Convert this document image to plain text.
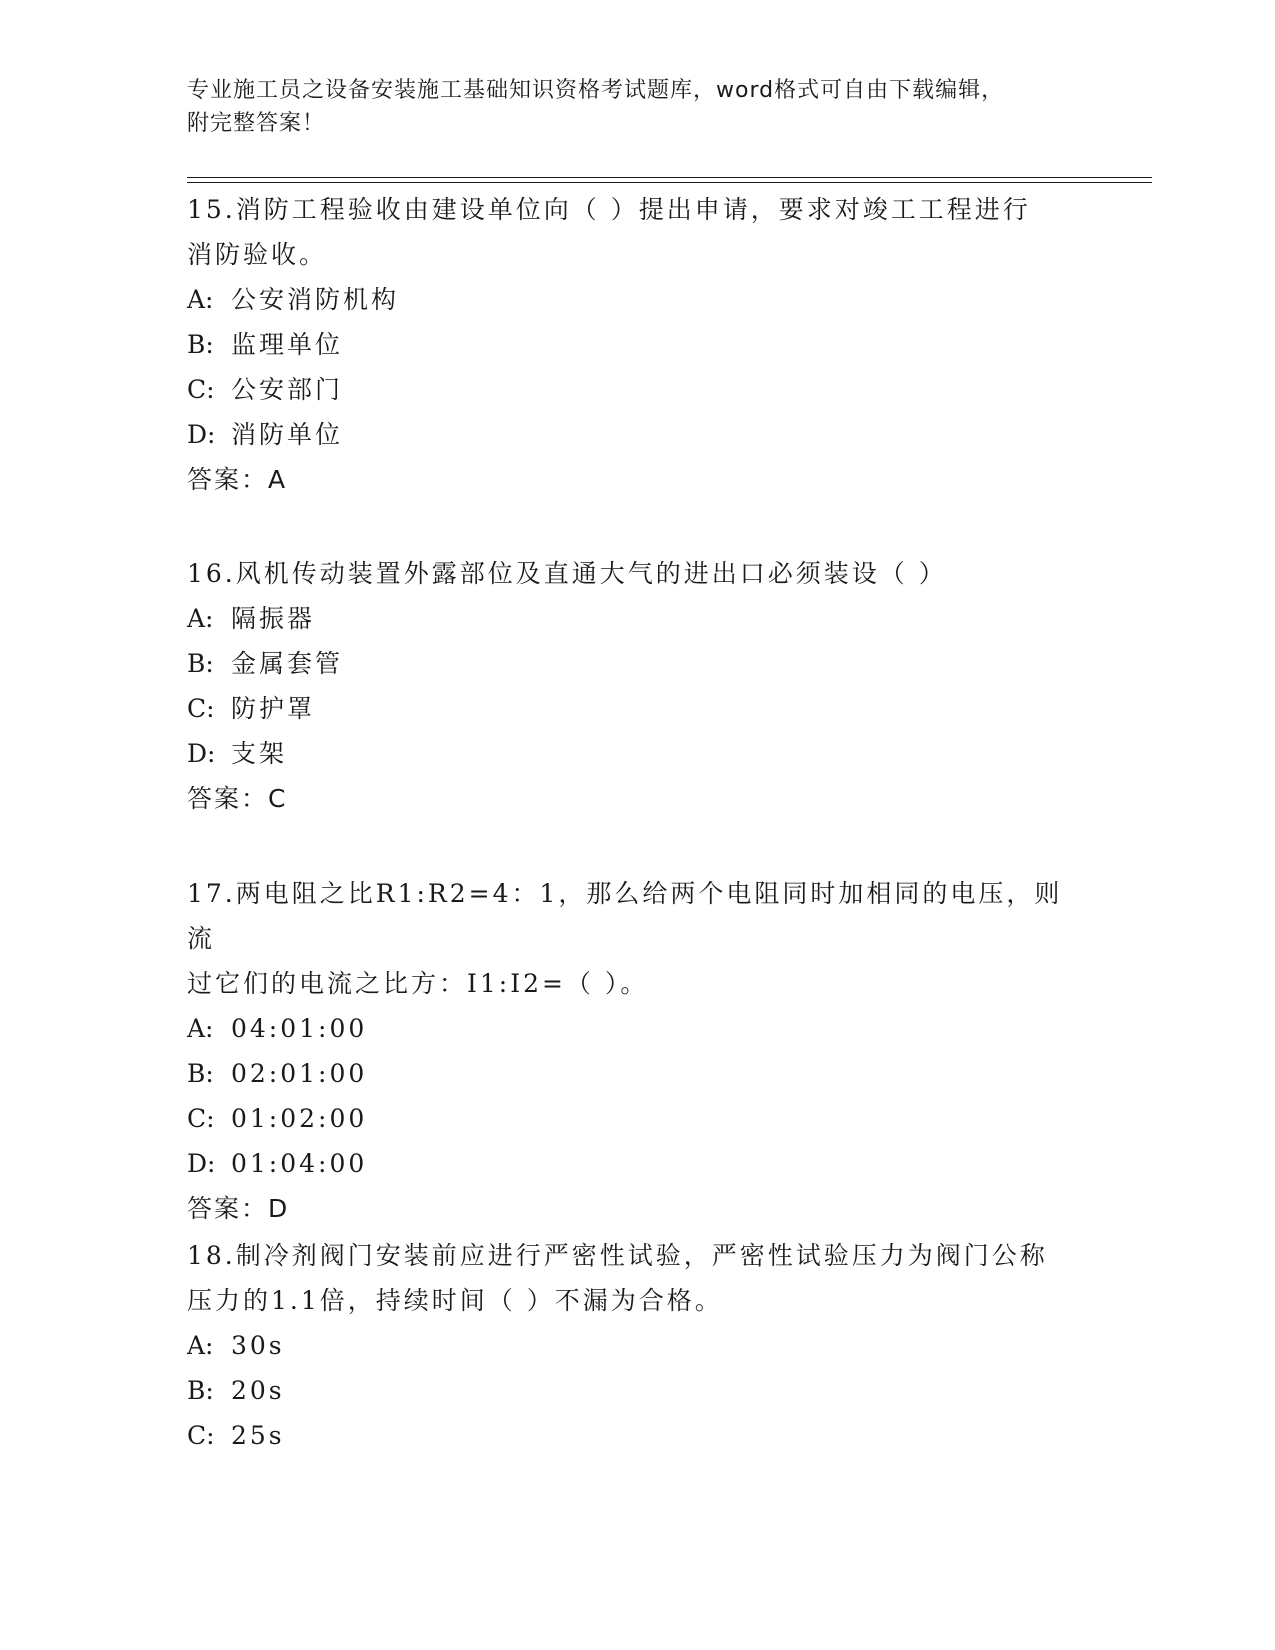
专业施工员之设备安装施工基础知识资格考试题库，word格式可自由下载编辑，
附完整答案！

15.消防工程验收由建设单位向（ ）提出申请，要求对竣工工程进行

消防验收。

A: 公安消防机构

B: 监理单位

C: 公安部门

D: 消防单位

答案：A

16.风机传动装置外露部位及直通大气的进出口必须装设（ ）

A: 隔振器

B: 金属套管

C: 防护罩

D: 支架

答案：C

17.两电阻之比R1:R2=4：1，那么给两个电阻同时加相同的电压，则流

过它们的电流之比方：I1:I2=（ ）。

A: 04:01:00

B: 02:01:00

C: 01:02:00

D: 01:04:00

答案：D

18.制冷剂阀门安装前应进行严密性试验，严密性试验压力为阀门公称

压力的1.1倍，持续时间（ ）不漏为合格。

A: 30s

B: 20s

C: 25s
